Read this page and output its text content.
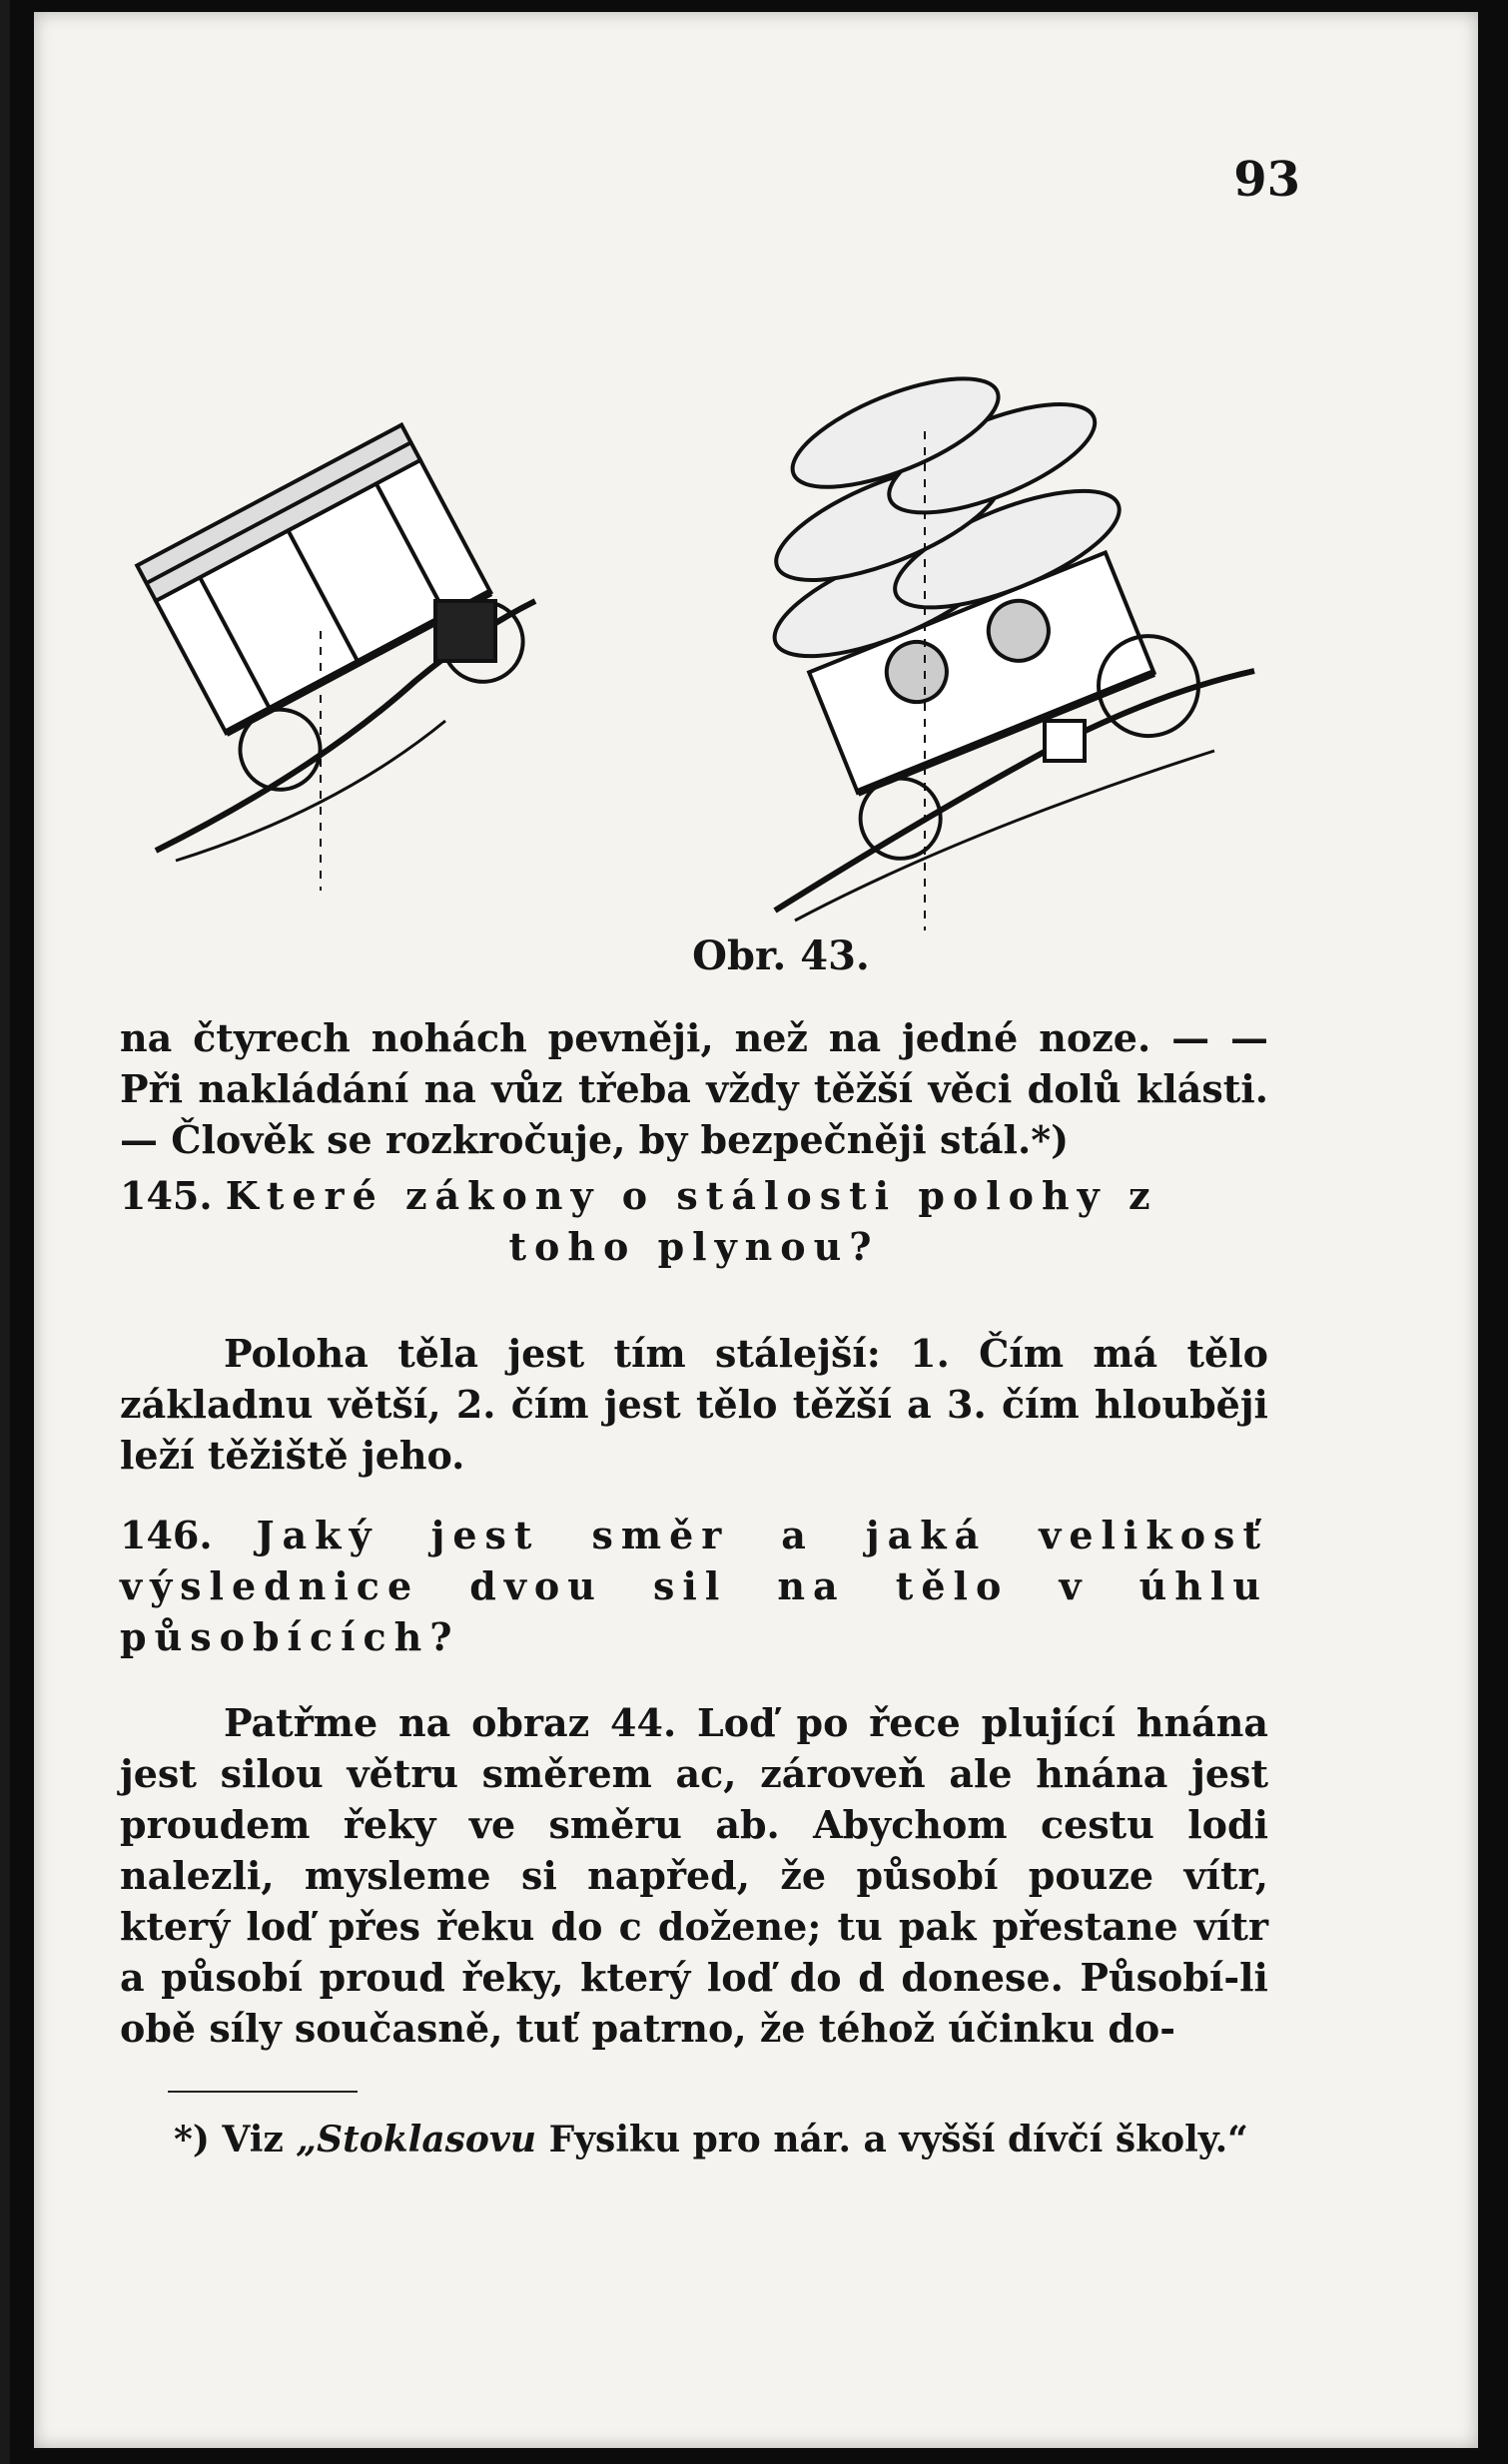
93
Obr. 43.
na čtyrech nohách pevněji, než na jedné noze. — — Při nakládání na vůz třeba vždy těžší věci dolů klásti. — Člověk se rozkročuje, by bezpečněji stál.*)
145. Které zákony o stálosti polohy z
toho plynou?
Poloha těla jest tím stálejší: 1. Čím má tělo základnu větší, 2. čím jest tělo těžší a 3. čím hlouběji leží těžiště jeho.
146. Jaký jest směr a jaká velikosť výslednice dvou sil na tělo v úhlu působících?
Patřme na obraz 44. Loď po řece plující hnána jest silou větru směrem ac, zároveň ale hnána jest proudem řeky ve směru ab. Abychom cestu lodi nalezli, mysleme si napřed, že působí pouze vítr, který loď přes řeku do c dožene; tu pak přestane vítr a působí proud řeky, který loď do d donese. Působí-li obě síly současně, tuť patrno, že téhož účinku do-
*) Viz „Stoklasovu Fysiku pro nár. a vyšší dívčí školy.“
